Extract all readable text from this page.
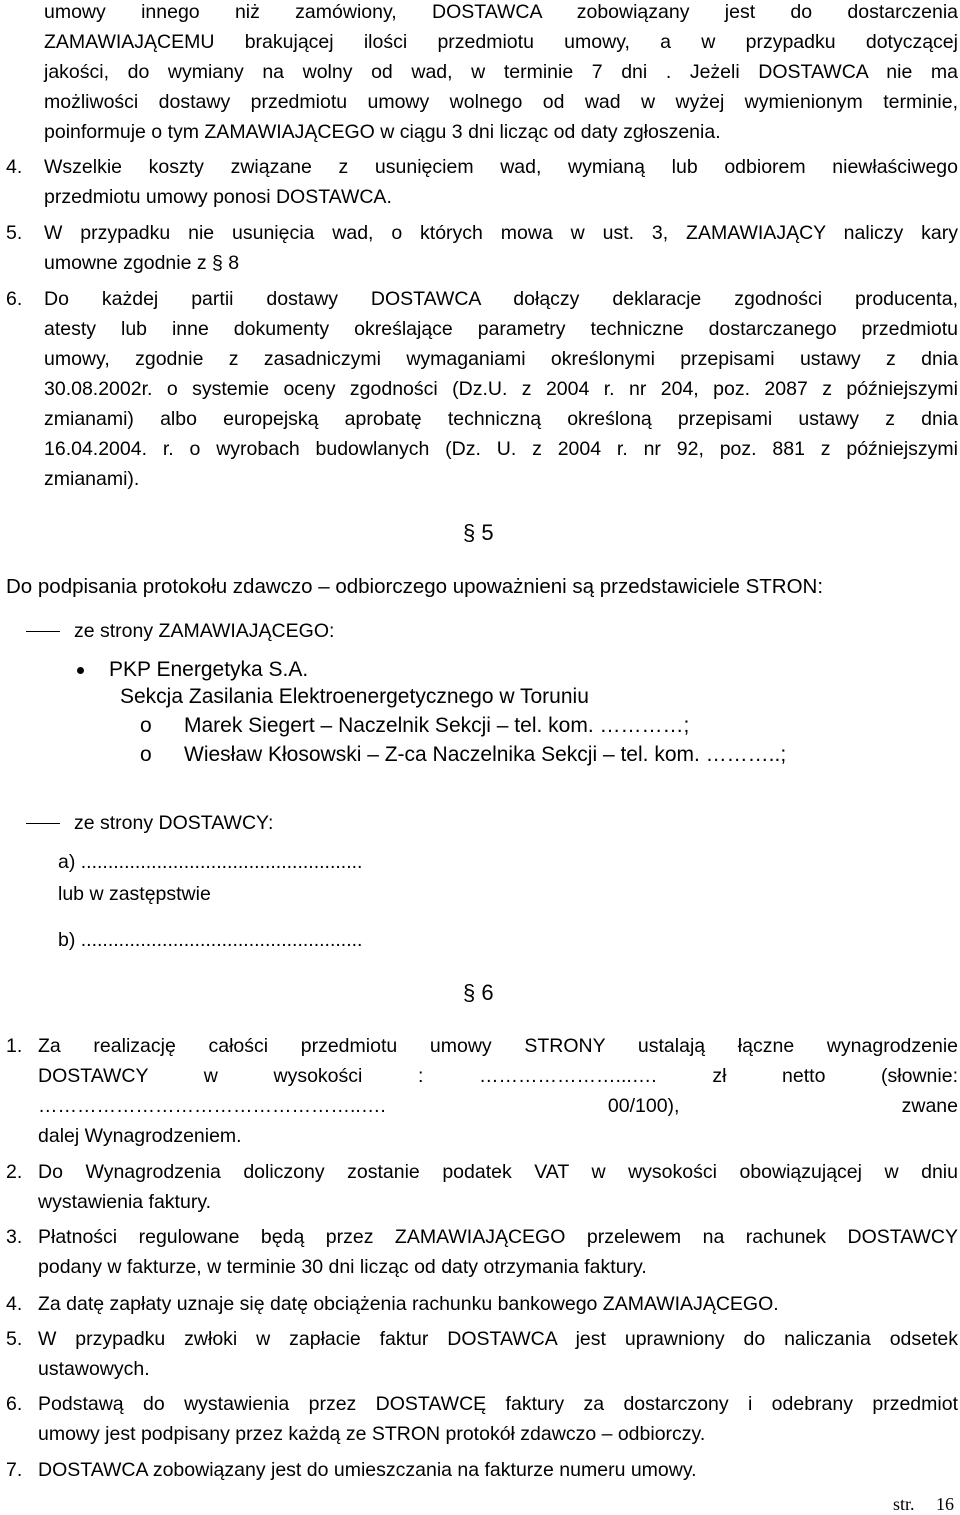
umowy innego niż zamówiony, DOSTAWCA zobowiązany jest do dostarczenia
ZAMAWIAJĄCEMU brakującej ilości przedmiotu umowy, a w przypadku dotyczącej
jakości, do wymiany na wolny od wad, w terminie 7 dni . Jeżeli DOSTAWCA nie ma
możliwości dostawy przedmiotu umowy wolnego od wad w wyżej wymienionym terminie,
poinformuje o tym ZAMAWIAJĄCEGO w ciągu 3 dni licząc od daty zgłoszenia.
4. Wszelkie koszty związane z usunięciem wad, wymianą lub odbiorem niewłaściwego
przedmiotu umowy ponosi DOSTAWCA.
5. W przypadku nie usunięcia wad, o których mowa w ust. 3, ZAMAWIAJĄCY naliczy kary
umowne zgodnie z § 8
6. Do każdej partii dostawy DOSTAWCA dołączy deklaracje zgodności producenta,
atesty lub inne dokumenty określające parametry techniczne dostarczanego przedmiotu
umowy, zgodnie z zasadniczymi wymaganiami określonymi przepisami ustawy z dnia
30.08.2002r. o systemie oceny zgodności (Dz.U. z 2004 r. nr 204, poz. 2087 z późniejszymi
zmianami) albo europejską aprobatę techniczną określoną przepisami ustawy z dnia
16.04.2004. r. o wyrobach budowlanych (Dz. U. z 2004 r. nr 92, poz. 881 z późniejszymi
zmianami).
§ 5
Do podpisania protokołu zdawczo – odbiorczego upoważnieni są przedstawiciele STRON:
ze strony ZAMAWIAJĄCEGO:
PKP Energetyka S.A.
Sekcja Zasilania Elektroenergetycznego w Toruniu
o Marek Siegert – Naczelnik Sekcji – tel. kom. …………;
o Wiesław Kłosowski – Z-ca Naczelnika Sekcji – tel. kom. ………..;
ze strony DOSTAWCY:
a) ....................................................
lub w zastępstwie
b) ....................................................
§ 6
1. Za realizację całości przedmiotu umowy STRONY ustalają łączne wynagrodzenie
DOSTAWCY w wysokości : …………………...…. zł netto (słownie:
…………………………………………..…. 00/100), zwane
dalej Wynagrodzeniem.
2. Do Wynagrodzenia doliczony zostanie podatek VAT w wysokości obowiązującej w dniu
wystawienia faktury.
3. Płatności regulowane będą przez ZAMAWIAJĄCEGO przelewem na rachunek DOSTAWCY
podany w fakturze, w terminie 30 dni licząc od daty otrzymania faktury.
4. Za datę zapłaty uznaje się datę obciążenia rachunku bankowego ZAMAWIAJĄCEGO.
5. W przypadku zwłoki w zapłacie faktur DOSTAWCA jest uprawniony do naliczania odsetek
ustawowych.
6. Podstawą do wystawienia przez DOSTAWCĘ faktury za dostarczony i odebrany przedmiot
umowy jest podpisany przez każdą ze STRON protokół zdawczo – odbiorczy.
7. DOSTAWCA zobowiązany jest do umieszczania na fakturze numeru umowy.
str. 16
